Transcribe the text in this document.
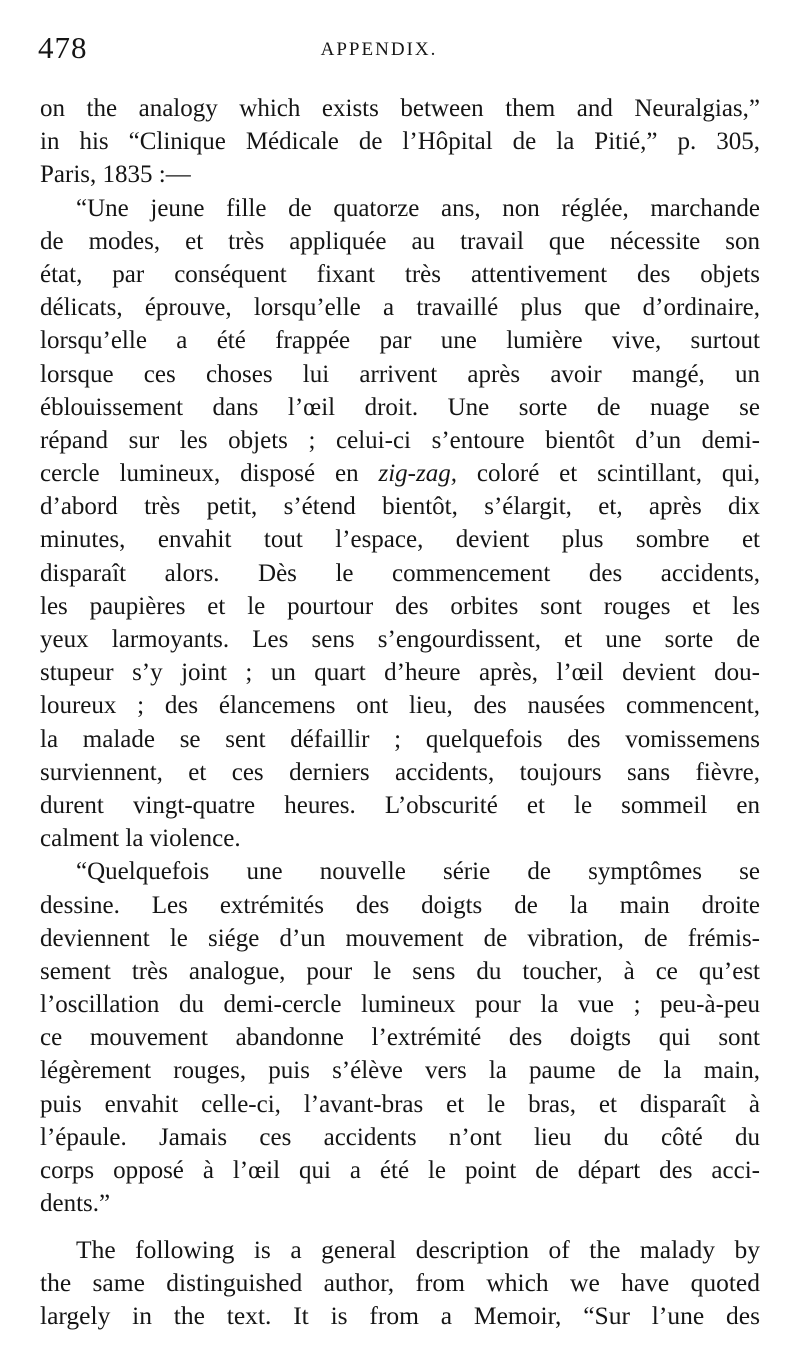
478	APPENDIX.
on the analogy which exists between them and Neuralgias,”
in his “Clinique Médicale de l’Hôpital de la Pitié,” p. 305,
Paris, 1835 :—
“Une jeune fille de quatorze ans, non réglée, marchande
de modes, et très appliquée au travail que nécessite son
état, par conséquent fixant très attentivement des objets
délicats, éprouve, lorsqu’elle a travaillé plus que d’ordinaire,
lorsqu’elle a été frappée par une lumière vive, surtout
lorsque ces choses lui arrivent après avoir mangé, un
éblouissement dans l’œil droit. Une sorte de nuage se
répand sur les objets ; celui-ci s’entoure bientôt d’un demi-
cercle lumineux, disposé en zig-zag, coloré et scintillant, qui,
d’abord très petit, s’étend bientôt, s’élargit, et, après dix
minutes, envahit tout l’espace, devient plus sombre et
disparaît alors. Dès le commencement des accidents,
les paupières et le pourtour des orbites sont rouges et les
yeux larmoyants. Les sens s’engourdissent, et une sorte de
stupeur s’y joint ; un quart d’heure après, l’œil devient dou-
loureux ; des élancemens ont lieu, des nausées commencent,
la malade se sent défaillir ; quelquefois des vomissemens
surviennent, et ces derniers accidents, toujours sans fièvre,
durent vingt-quatre heures. L’obscurité et le sommeil en
calment la violence.
“Quelquefois une nouvelle série de symptômes se
dessine. Les extrémités des doigts de la main droite
deviennent le siége d’un mouvement de vibration, de frémis-
sement très analogue, pour le sens du toucher, à ce qu’est
l’oscillation du demi-cercle lumineux pour la vue ; peu-à-peu
ce mouvement abandonne l’extrémité des doigts qui sont
légèrement rouges, puis s’élève vers la paume de la main,
puis envahit celle-ci, l’avant-bras et le bras, et disparaît à
l’épaule. Jamais ces accidents n’ont lieu du côté du
corps opposé à l’œil qui a été le point de départ des acci-
dents.”
The following is a general description of the malady by
the same distinguished author, from which we have quoted
largely in the text. It is from a Memoir, “Sur l’une des
